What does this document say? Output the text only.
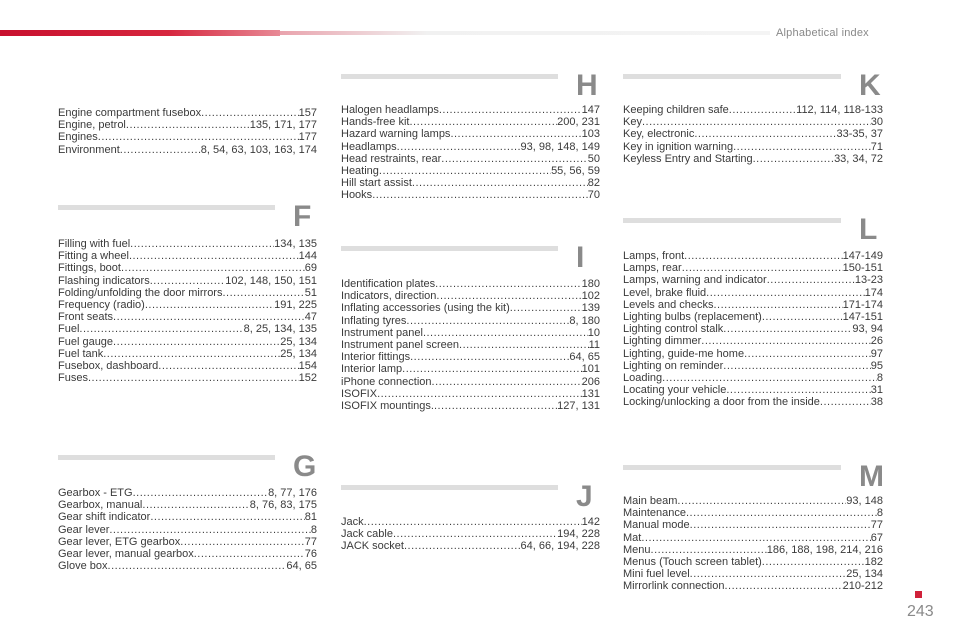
Alphabetical index
Engine compartment fusebox .....	157
Engine, petrol .....	135, 171, 177
Engines .....	177
Environment .....	8, 54, 63, 103, 163, 174
F
Filling with fuel .....	134, 135
Fitting a wheel .....	144
Fittings, boot .....	69
Flashing indicators .....	102, 148, 150, 151
Folding/unfolding the door mirrors .....	51
Frequency (radio) .....	191, 225
Front seats .....	47
Fuel .....	8, 25, 134, 135
Fuel gauge .....	25, 134
Fuel tank .....	25, 134
Fusebox, dashboard .....	154
Fuses .....	152
G
Gearbox - ETG .....	8, 77, 176
Gearbox, manual .....	8, 76, 83, 175
Gear shift indicator .....	81
Gear lever .....	8
Gear lever, ETG gearbox .....	77
Gear lever, manual gearbox .....	76
Glove box .....	64, 65
H
Halogen headlamps .....	147
Hands-free kit .....	200, 231
Hazard warning lamps .....	103
Headlamps .....	93, 98, 148, 149
Head restraints, rear .....	50
Heating .....	55, 56, 59
Hill start assist .....	82
Hooks .....	70
I
Identification plates .....	180
Indicators, direction .....	102
Inflating accessories (using the kit) .....	139
Inflating tyres .....	8, 180
Instrument panel .....	10
Instrument panel screen .....	11
Interior fittings .....	64, 65
Interior lamp .....	101
iPhone connection .....	206
ISOFIX .....	131
ISOFIX mountings. .....	127, 131
J
Jack .....	142
Jack cable .....	194, 228
JACK socket .....	64, 66, 194, 228
K
Keeping children safe .....	112, 114, 118-133
Key .....	30
Key, electronic .....	33-35, 37
Key in ignition warning .....	71
Keyless Entry and Starting .....	33, 34, 72
L
Lamps, front .....	147-149
Lamps, rear .....	150-151
Lamps, warning and indicator .....	13-23
Level, brake fluid .....	174
Levels and checks .....	171-174
Lighting bulbs (replacement) .....	147-151
Lighting control stalk .....	93, 94
Lighting dimmer .....	26
Lighting, guide-me home .....	97
Lighting on reminder .....	95
Loading .....	8
Locating your vehicle .....	31
Locking/unlocking a door from the inside .....	38
M
Main beam .....	93, 148
Maintenance .....	8
Manual mode .....	77
Mat .....	67
Menu .....	186, 188, 198, 214, 216
Menus (Touch screen tablet) .....	182
Mini fuel level .....	25, 134
Mirrorlink connection .....	210-212
243
